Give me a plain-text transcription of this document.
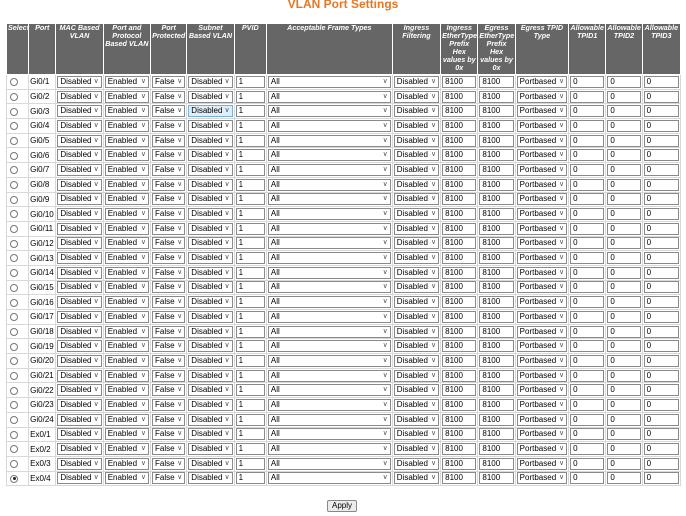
VLAN Port Settings
Select	Port	MAC Based VLAN	Port and Protocol Based VLAN	Port Protected	Subnet Based VLAN	PVID	Acceptable Frame Types	Ingress Filtering	Ingress EtherType Prefix Hex values by 0x	Egress EtherType Prefix Hex values by 0x	Egress TPID Type	Allowable TPID1	Allowable TPID2	Allowable TPID3
	Gi0/1	Disabled ∨	Enabled ∨	False ∨	Disabled ∨	1	All ∨	Disabled ∨	8100	8100	Portbased ∨	0	0	0

	Gi0/2	Disabled ∨	Enabled ∨	False ∨	Disabled ∨	1	All ∨	Disabled ∨	8100	8100	Portbased ∨	0	0	0

	Gi0/3	Disabled ∨	Enabled ∨	False ∨	Disabled ∨	1	All ∨	Disabled ∨	8100	8100	Portbased ∨	0	0	0

	Gi0/4	Disabled ∨	Enabled ∨	False ∨	Disabled ∨	1	All ∨	Disabled ∨	8100	8100	Portbased ∨	0	0	0

	Gi0/5	Disabled ∨	Enabled ∨	False ∨	Disabled ∨	1	All ∨	Disabled ∨	8100	8100	Portbased ∨	0	0	0

	Gi0/6	Disabled ∨	Enabled ∨	False ∨	Disabled ∨	1	All ∨	Disabled ∨	8100	8100	Portbased ∨	0	0	0

	Gi0/7	Disabled ∨	Enabled ∨	False ∨	Disabled ∨	1	All ∨	Disabled ∨	8100	8100	Portbased ∨	0	0	0

	Gi0/8	Disabled ∨	Enabled ∨	False ∨	Disabled ∨	1	All ∨	Disabled ∨	8100	8100	Portbased ∨	0	0	0

	Gi0/9	Disabled ∨	Enabled ∨	False ∨	Disabled ∨	1	All ∨	Disabled ∨	8100	8100	Portbased ∨	0	0	0

	Gi0/10	Disabled ∨	Enabled ∨	False ∨	Disabled ∨	1	All ∨	Disabled ∨	8100	8100	Portbased ∨	0	0	0

	Gi0/11	Disabled ∨	Enabled ∨	False ∨	Disabled ∨	1	All ∨	Disabled ∨	8100	8100	Portbased ∨	0	0	0

	Gi0/12	Disabled ∨	Enabled ∨	False ∨	Disabled ∨	1	All ∨	Disabled ∨	8100	8100	Portbased ∨	0	0	0

	Gi0/13	Disabled ∨	Enabled ∨	False ∨	Disabled ∨	1	All ∨	Disabled ∨	8100	8100	Portbased ∨	0	0	0

	Gi0/14	Disabled ∨	Enabled ∨	False ∨	Disabled ∨	1	All ∨	Disabled ∨	8100	8100	Portbased ∨	0	0	0

	Gi0/15	Disabled ∨	Enabled ∨	False ∨	Disabled ∨	1	All ∨	Disabled ∨	8100	8100	Portbased ∨	0	0	0

	Gi0/16	Disabled ∨	Enabled ∨	False ∨	Disabled ∨	1	All ∨	Disabled ∨	8100	8100	Portbased ∨	0	0	0

	Gi0/17	Disabled ∨	Enabled ∨	False ∨	Disabled ∨	1	All ∨	Disabled ∨	8100	8100	Portbased ∨	0	0	0

	Gi0/18	Disabled ∨	Enabled ∨	False ∨	Disabled ∨	1	All ∨	Disabled ∨	8100	8100	Portbased ∨	0	0	0

	Gi0/19	Disabled ∨	Enabled ∨	False ∨	Disabled ∨	1	All ∨	Disabled ∨	8100	8100	Portbased ∨	0	0	0

	Gi0/20	Disabled ∨	Enabled ∨	False ∨	Disabled ∨	1	All ∨	Disabled ∨	8100	8100	Portbased ∨	0	0	0

	Gi0/21	Disabled ∨	Enabled ∨	False ∨	Disabled ∨	1	All ∨	Disabled ∨	8100	8100	Portbased ∨	0	0	0

	Gi0/22	Disabled ∨	Enabled ∨	False ∨	Disabled ∨	1	All ∨	Disabled ∨	8100	8100	Portbased ∨	0	0	0

	Gi0/23	Disabled ∨	Enabled ∨	False ∨	Disabled ∨	1	All ∨	Disabled ∨	8100	8100	Portbased ∨	0	0	0

	Gi0/24	Disabled ∨	Enabled ∨	False ∨	Disabled ∨	1	All ∨	Disabled ∨	8100	8100	Portbased ∨	0	0	0

	Ex0/1	Disabled ∨	Enabled ∨	False ∨	Disabled ∨	1	All ∨	Disabled ∨	8100	8100	Portbased ∨	0	0	0

	Ex0/2	Disabled ∨	Enabled ∨	False ∨	Disabled ∨	1	All ∨	Disabled ∨	8100	8100	Portbased ∨	0	0	0

	Ex0/3	Disabled ∨	Enabled ∨	False ∨	Disabled ∨	1	All ∨	Disabled ∨	8100	8100	Portbased ∨	0	0	0

	Ex0/4	Disabled ∨	Enabled ∨	False ∨	Disabled ∨	1	All ∨	Disabled ∨	8100	8100	Portbased ∨	0	0	0
Apply
